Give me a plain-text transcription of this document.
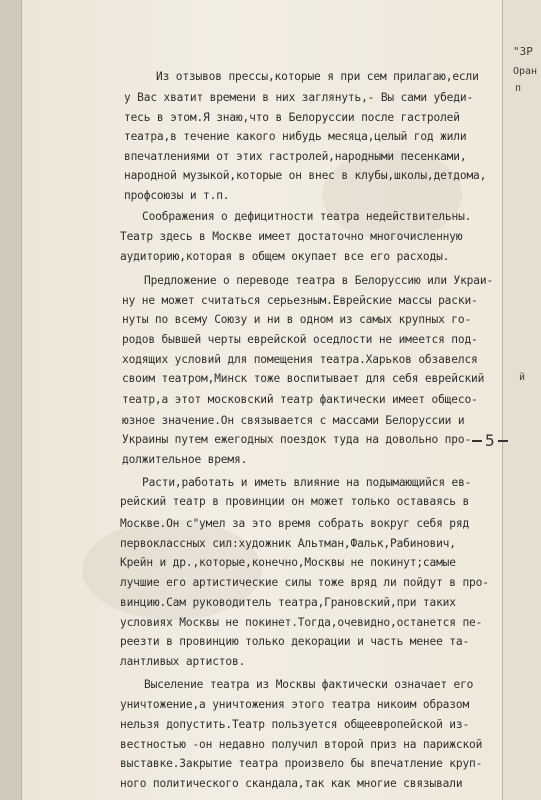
"ЗР
Оран
п
й
Из отзывов прессы,которые я при сем прилагаю,если
у Вас хватит времени в них заглянуть,- Вы сами убеди-
тесь в этом.Я знаю,что в Белоруссии после гастролей
театра,в течение какого нибудь месяца,целый год жили
впечатлениями от этих гастролей,народными песенками,
народной музыкой,которые он внес в клубы,школы,детдома,
профсоюзы и т.п.
Соображения о дефицитности театра недействительны.
Театр здесь в Москве имеет достаточно многочисленную
аудиторию,которая в общем окупает все его расходы.
Предложение о переводе театра в Белоруссию или Украи-
ну не может считаться серьезным.Еврейские массы раски-
нуты по всему Союзу и ни в одном из самых крупных го-
родов бывшей черты еврейской оседлости не имеется под-
ходящих условий для помещения театра.Харьков обзавелся
своим театром,Минск тоже воспитывает для себя еврейский
театр,а этот московский театр фактически имеет общесо-
юзное значение.Он связывается с массами Белоруссии и
Украины путем ежегодных поездок туда на довольно про-
должительное время.
Расти,работать и иметь влияние на подымающийся ев-
рейский театр в провинции он может только оставаясь в
Москве.Он с"умел за это время собрать вокруг себя ряд
первоклассных сил:художник Альтман,Фальк,Рабинович,
Крейн и др.,которые,конечно,Москвы не покинут;самые
лучшие его артистические силы тоже вряд ли пойдут в про-
винцию.Сам руководитель театра,Грановский,при таких
условиях Москвы не покинет.Тогда,очевидно,останется пе-
реезти в провинцию только декорации и часть менее та-
лантливых артистов.
Выселение театра из Москвы фактически означает его
уничтожение,а уничтожения этого театра никоим образом
нельзя допустить.Театр пользуется общеевропейской из-
вестностью -он недавно получил второй приз на парижской
выставке.Закрытие театра произвело бы впечатление круп-
ного политического скандала,так как многие связывали
5
